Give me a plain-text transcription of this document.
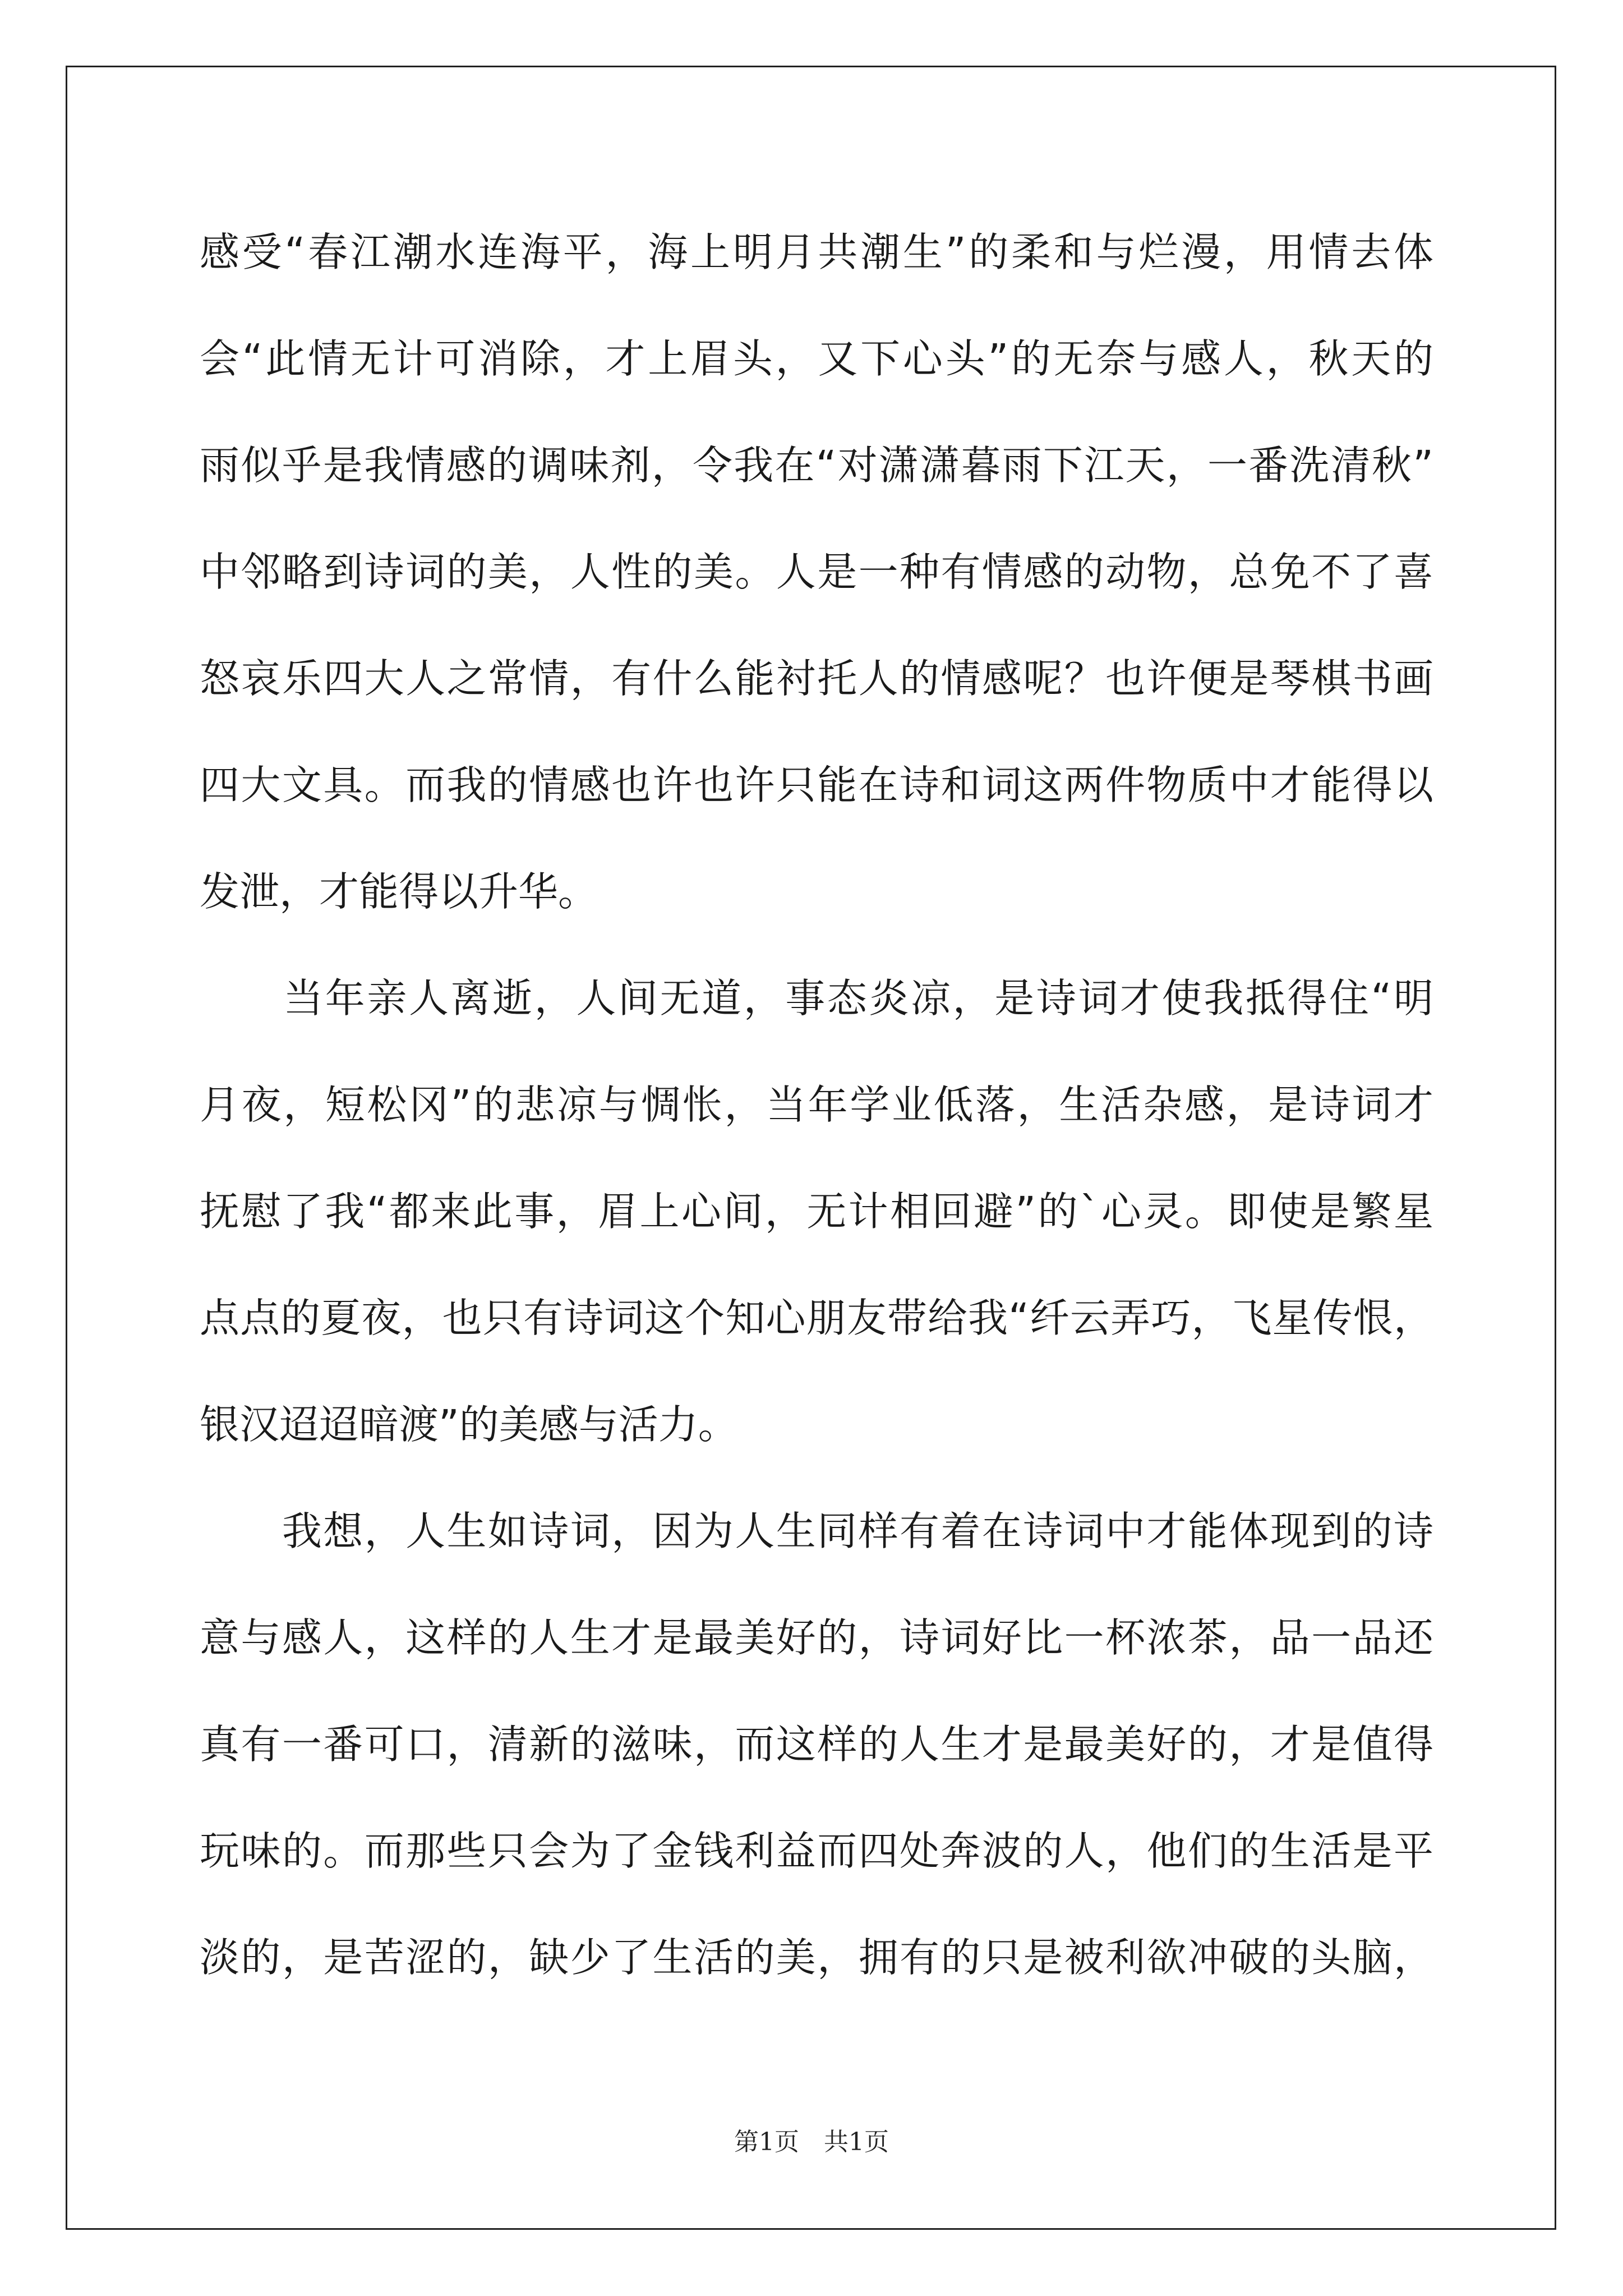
感受“春江潮水连海平，海上明月共潮生”的柔和与烂漫，用情去体
会“此情无计可消除，才上眉头，又下心头”的无奈与感人，秋天的
雨似乎是我情感的调味剂，令我在“对潇潇暮雨下江天，一番洗清秋”
中邻略到诗词的美，人性的美。人是一种有情感的动物，总免不了喜
怒哀乐四大人之常情，有什么能衬托人的情感呢？也许便是琴棋书画
四大文具。而我的情感也许也许只能在诗和词这两件物质中才能得以
发泄，才能得以升华。
　　当年亲人离逝，人间无道，事态炎凉，是诗词才使我抵得住“明
月夜，短松冈”的悲凉与惆怅，当年学业低落，生活杂感，是诗词才
抚慰了我“都来此事，眉上心间，无计相回避”的`心灵。即使是繁星
点点的夏夜，也只有诗词这个知心朋友带给我“纤云弄巧，飞星传恨，
银汉迢迢暗渡”的美感与活力。
　　我想，人生如诗词，因为人生同样有着在诗词中才能体现到的诗
意与感人，这样的人生才是最美好的，诗词好比一杯浓茶，品一品还
真有一番可口，清新的滋味，而这样的人生才是最美好的，才是值得
玩味的。而那些只会为了金钱利益而四处奔波的人，他们的生活是平
淡的，是苦涩的，缺少了生活的美，拥有的只是被利欲冲破的头脑，
第1页 共1页
